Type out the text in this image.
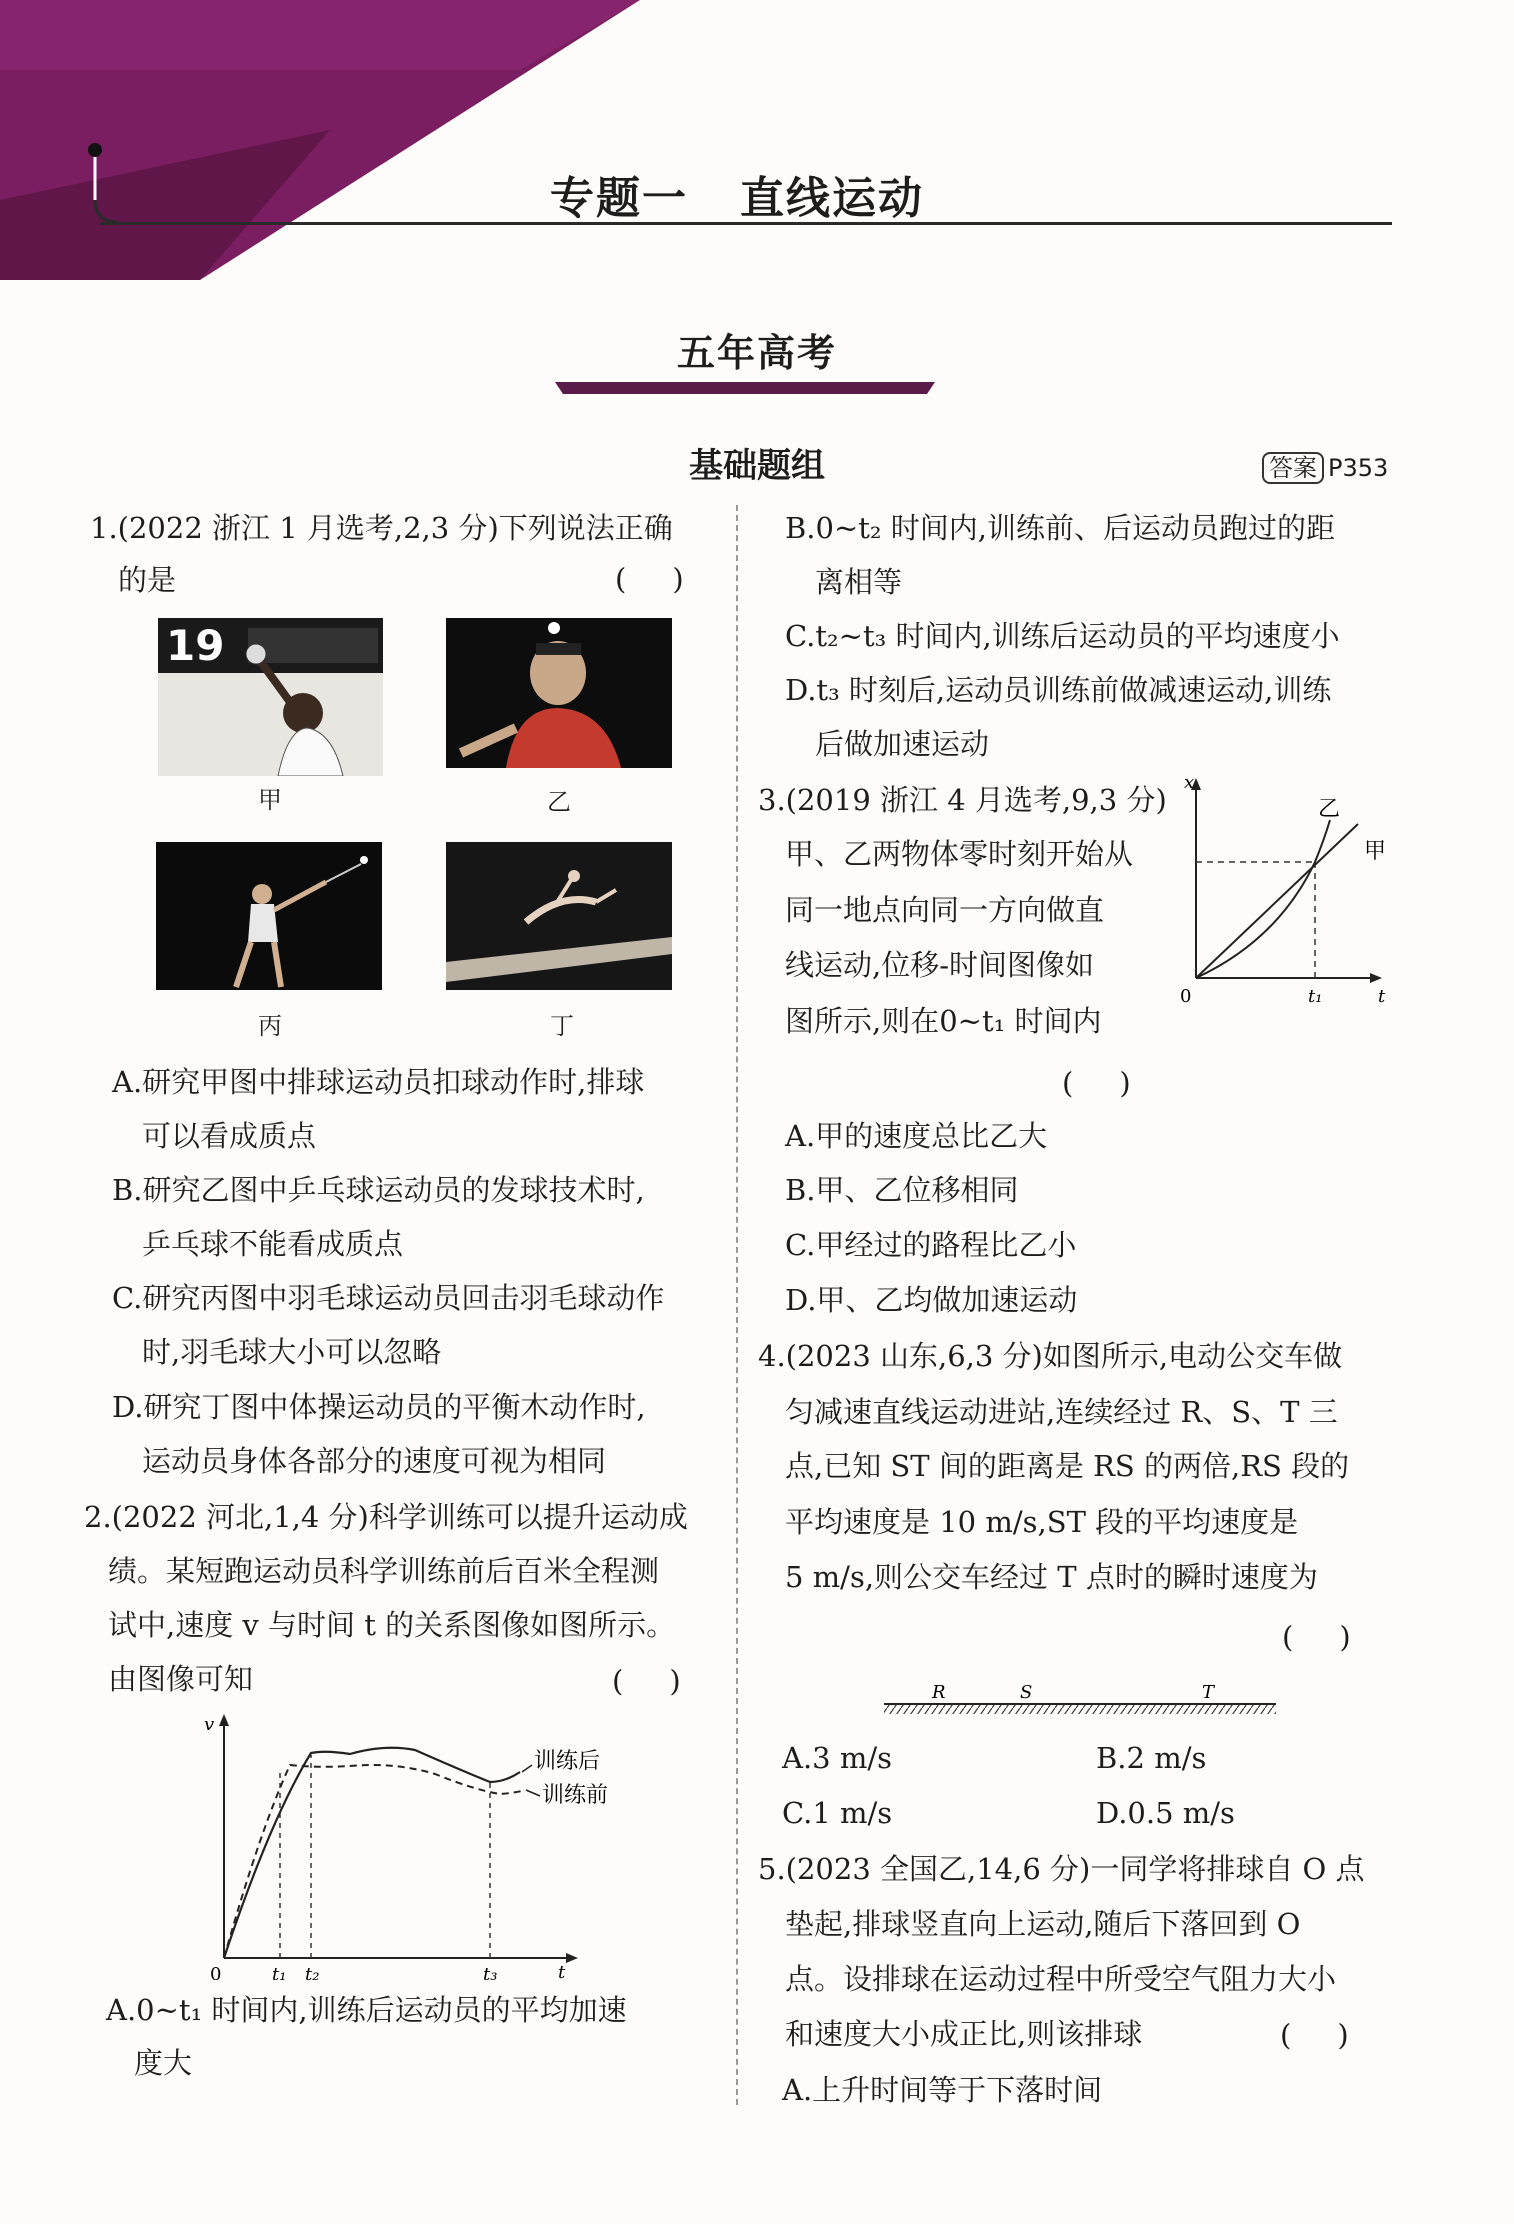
专题一   直线运动
五年高考
基础题组	答案 P353
1.(2022 浙江 1 月选考,2,3 分)下列说法正确
的是	(     )
19
甲	乙
丙	丁
A.研究甲图中排球运动员扣球动作时,排球
可以看成质点
B.研究乙图中乒乓球运动员的发球技术时,
乒乓球不能看成质点
C.研究丙图中羽毛球运动员回击羽毛球动作
时,羽毛球大小可以忽略
D.研究丁图中体操运动员的平衡木动作时,
运动员身体各部分的速度可视为相同
2.(2022 河北,1,4 分)科学训练可以提升运动成
绩。某短跑运动员科学训练前后百米全程测
试中,速度 v 与时间 t 的关系图像如图所示。
由图像可知	(     )
v
t
0	t₁ t₂	t₃
训练后
训练前
A.0~t₁ 时间内,训练后运动员的平均加速
度大
B.0~t₂ 时间内,训练前、后运动员跑过的距
离相等
C.t₂~t₃ 时间内,训练后运动员的平均速度小
D.t₃ 时刻后,运动员训练前做减速运动,训练
后做加速运动
3.(2019 浙江 4 月选考,9,3 分)
甲、乙两物体零时刻开始从
同一地点向同一方向做直
线运动,位移-时间图像如
图所示,则在0~t₁ 时间内
(     )
x
t
0	t₁
甲
乙
A.甲的速度总比乙大
B.甲、乙位移相同
C.甲经过的路程比乙小
D.甲、乙均做加速运动
4.(2023 山东,6,3 分)如图所示,电动公交车做
匀减速直线运动进站,连续经过 R、S、T 三
点,已知 ST 间的距离是 RS 的两倍,RS 段的
平均速度是 10 m/s,ST 段的平均速度是
5 m/s,则公交车经过 T 点时的瞬时速度为
(     )
R	S	T
A.3 m/s	B.2 m/s
C.1 m/s	D.0.5 m/s
5.(2023 全国乙,14,6 分)一同学将排球自 O 点
垫起,排球竖直向上运动,随后下落回到 O
点。设排球在运动过程中所受空气阻力大小
和速度大小成正比,则该排球	(     )
A.上升时间等于下落时间
